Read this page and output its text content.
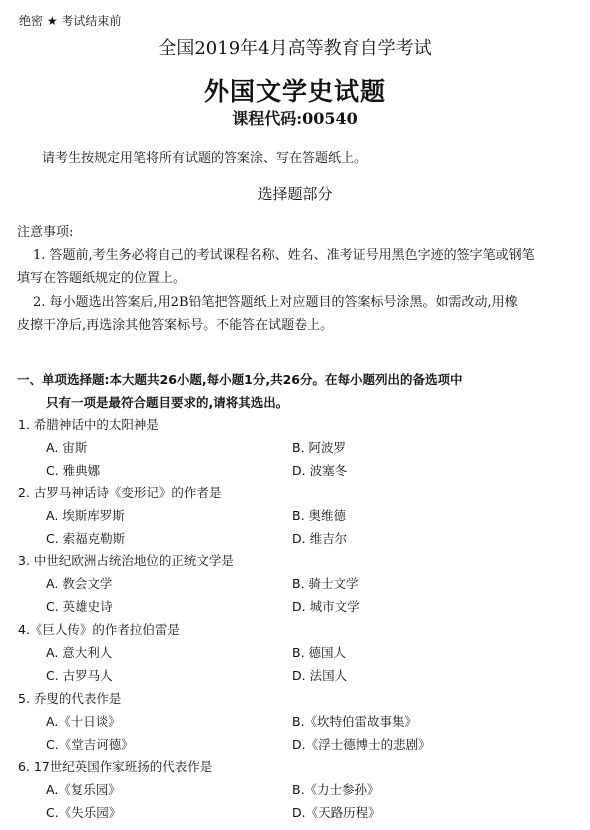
绝密 ★ 考试结束前
全国2019年4月高等教育自学考试
外国文学史试题
课程代码:00540
请考生按规定用笔将所有试题的答案涂、写在答题纸上。
选择题部分
注意事项:
1. 答题前,考生务必将自己的考试课程名称、姓名、准考证号用黑色字迹的签字笔或钢笔
填写在答题纸规定的位置上。
2. 每小题选出答案后,用2B铅笔把答题纸上对应题目的答案标号涂黑。如需改动,用橡
皮擦干净后,再选涂其他答案标号。不能答在试题卷上。
一、单项选择题:本大题共26小题,每小题1分,共26分。在每小题列出的备选项中
只有一项是最符合题目要求的,请将其选出。
1. 希腊神话中的太阳神是
A. 宙斯	B. 阿波罗
C. 雅典娜	D. 波塞冬
2. 古罗马神话诗《变形记》的作者是
A. 埃斯库罗斯	B. 奥维德
C. 索福克勒斯	D. 维吉尔
3. 中世纪欧洲占统治地位的正统文学是
A. 教会文学	B. 骑士文学
C. 英雄史诗	D. 城市文学
4.《巨人传》的作者拉伯雷是
A. 意大利人	B. 德国人
C. 古罗马人	D. 法国人
5. 乔叟的代表作是
A.《十日谈》	B.《坎特伯雷故事集》
C.《堂吉诃德》	D.《浮士德博士的悲剧》
6. 17世纪英国作家班扬的代表作是
A.《复乐园》	B.《力士参孙》
C.《失乐园》	D.《天路历程》
